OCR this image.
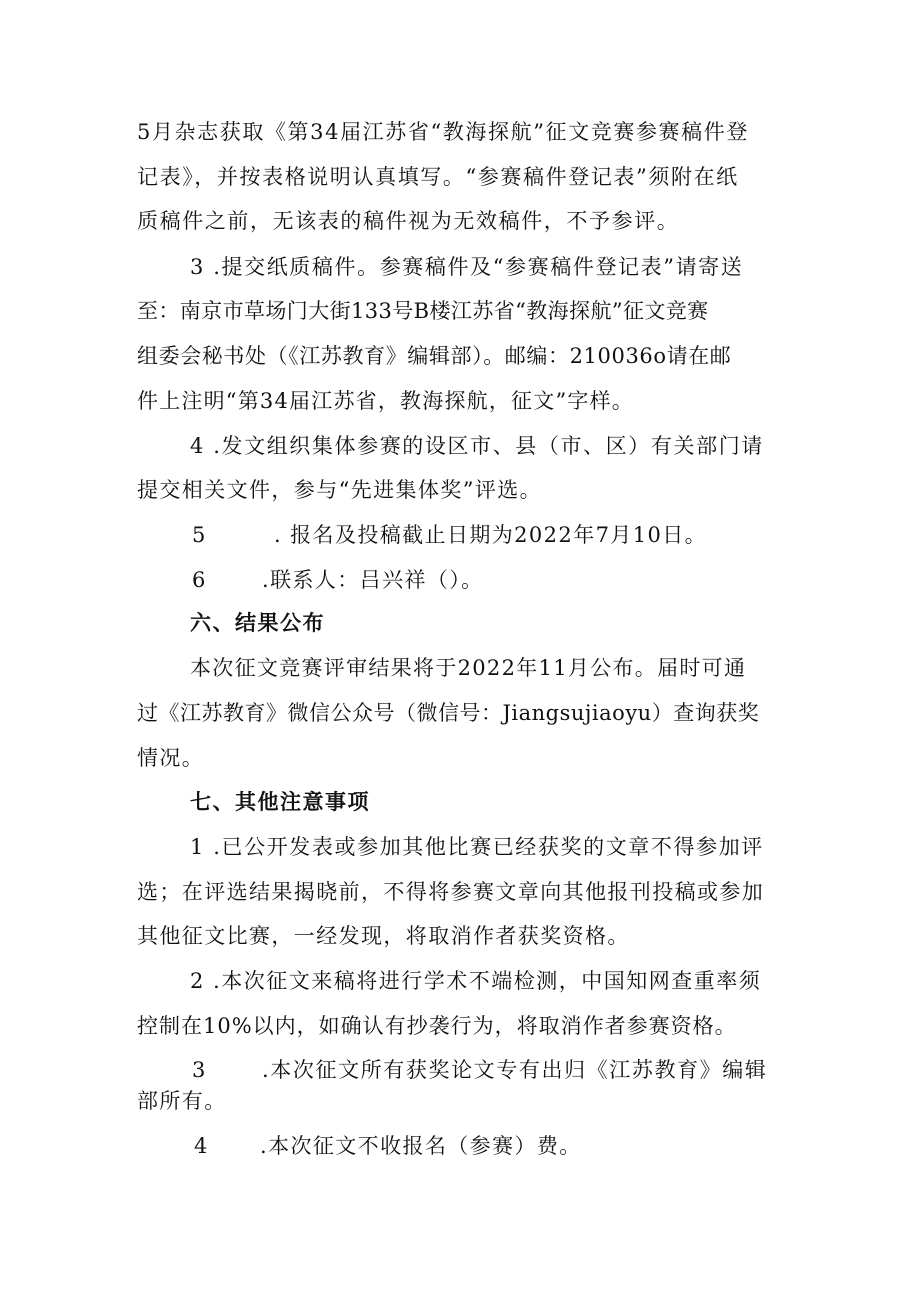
5月杂志获取《第34届江苏省“教海探航”征文竞赛参赛稿件登
记表》，并按表格说明认真填写。“参赛稿件登记表”须附在纸
质稿件之前，无该表的稿件视为无效稿件，不予参评。
3 .提交纸质稿件。参赛稿件及“参赛稿件登记表”请寄送
至：南京市草场门大街133号B楼江苏省“教海探航”征文竞赛
组委会秘书处（《江苏教育》编辑部）。邮编：210036o请在邮
件上注明“第34届江苏省，教海探航，征文”字样。
4 .发文组织集体参赛的设区市、县（市、区）有关部门请
提交相关文件，参与“先进集体奖”评选。
5	. 报名及投稿截止日期为2022年7月10日。
6	.联系人：吕兴祥（）。
六、结果公布
本次征文竞赛评审结果将于2022年11月公布。届时可通
过《江苏教育》微信公众号（微信号：Jiangsujiaoyu）查询获奖
情况。
七、其他注意事项
1 .已公开发表或参加其他比赛已经获奖的文章不得参加评
选；在评选结果揭晓前，不得将参赛文章向其他报刊投稿或参加
其他征文比赛，一经发现，将取消作者获奖资格。
2 .本次征文来稿将进行学术不端检测，中国知网查重率须
控制在10%以内，如确认有抄袭行为，将取消作者参赛资格。
3	.本次征文所有获奖论文专有出归《江苏教育》编辑
部所有。
4	.本次征文不收报名（参赛）费。
